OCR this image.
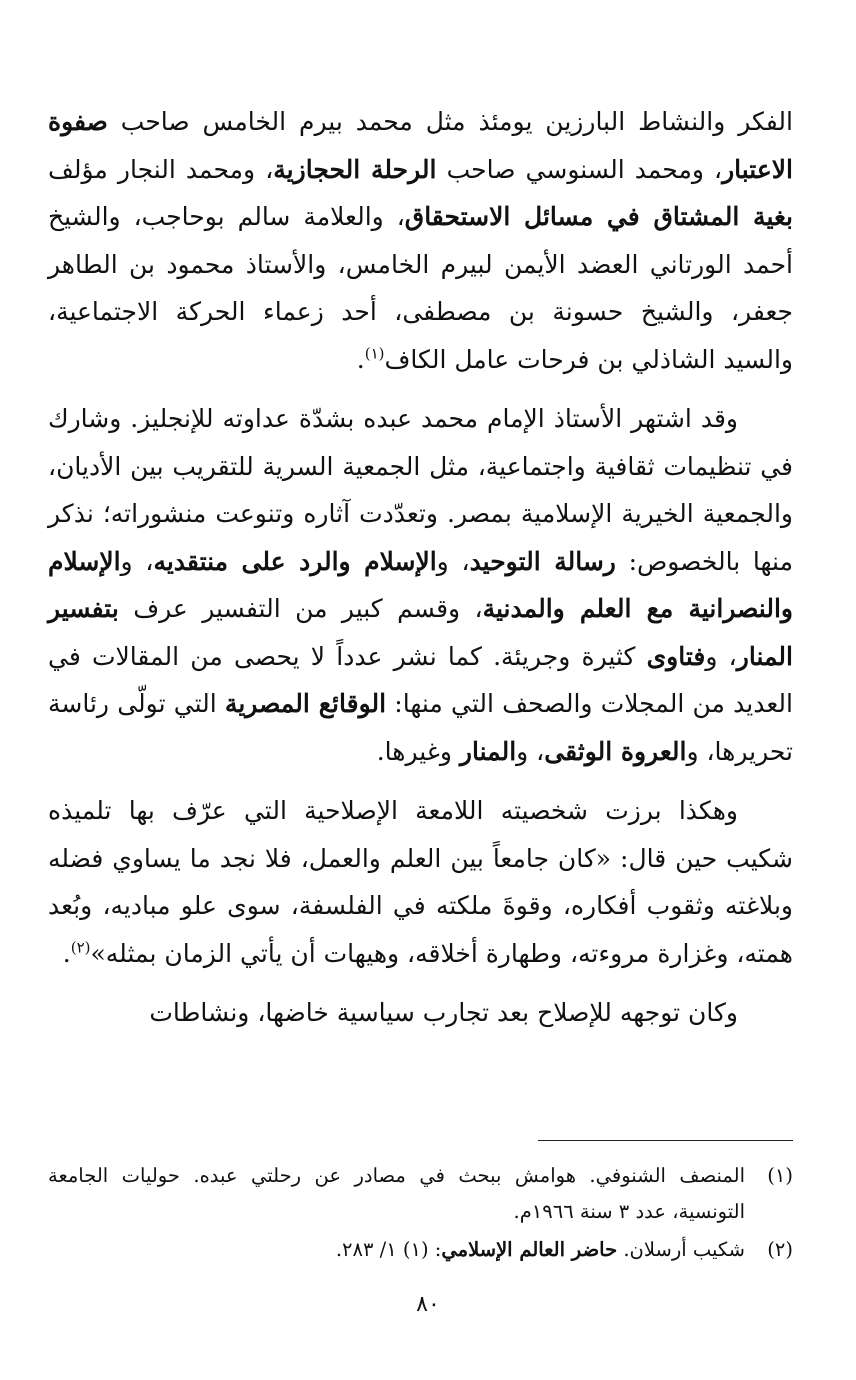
الفكر والنشاط البارزين يومئذ مثل محمد بيرم الخامس صاحب صفوة الاعتبار، ومحمد السنوسي صاحب الرحلة الحجازية، ومحمد النجار مؤلف بغية المشتاق في مسائل الاستحقاق، والعلامة سالم بوحاجب، والشيخ أحمد الورتاني العضد الأيمن لبيرم الخامس، والأستاذ محمود بن الطاهر جعفر، والشيخ حسونة بن مصطفى، أحد زعماء الحركة الاجتماعية، والسيد الشاذلي بن فرحات عامل الكاف$^{(١)}$.

وقد اشتهر الأستاذ الإمام محمد عبده بشدّة عداوته للإنجليز. وشارك في تنظيمات ثقافية واجتماعية، مثل الجمعية السرية للتقريب بين الأديان، والجمعية الخيرية الإسلامية بمصر. وتعدّدت آثاره وتنوعت منشوراته؛ نذكر منها بالخصوص: رسالة التوحيد، والإسلام والرد على منتقديه، والإسلام والنصرانية مع العلم والمدنية، وقسم كبير من التفسير عرف بتفسير المنار، وفتاوى كثيرة وجريئة. كما نشر عدداً لا يحصى من المقالات في العديد من المجلات والصحف التي منها: الوقائع المصرية التي تولّى رئاسة تحريرها، والعروة الوثقى، والمنار وغيرها.

وهكذا برزت شخصيته اللامعة الإصلاحية التي عرّف بها تلميذه شكيب حين قال: «كان جامعاً بين العلم والعمل، فلا نجد ما يساوي فضله وبلاغته وثقوب أفكاره، وقوةَ ملكته في الفلسفة، سوى علو مباديه، وبُعد همته، وغزارة مروءته، وطهارة أخلاقه، وهيهات أن يأتي الزمان بمثله»$^{(٢)}$.

وكان توجهه للإصلاح بعد تجارب سياسية خاضها، ونشاطات

(١)
المنصف الشنوفي. هوامش ببحث في مصادر عن رحلتي عبده. حوليات الجامعة التونسية، عدد ٣ سنة ١٩٦٦م.

(٢)
شكيب أرسلان. حاضر العالم الإسلامي: (١) ١/ ٢٨٣.

٨٠
